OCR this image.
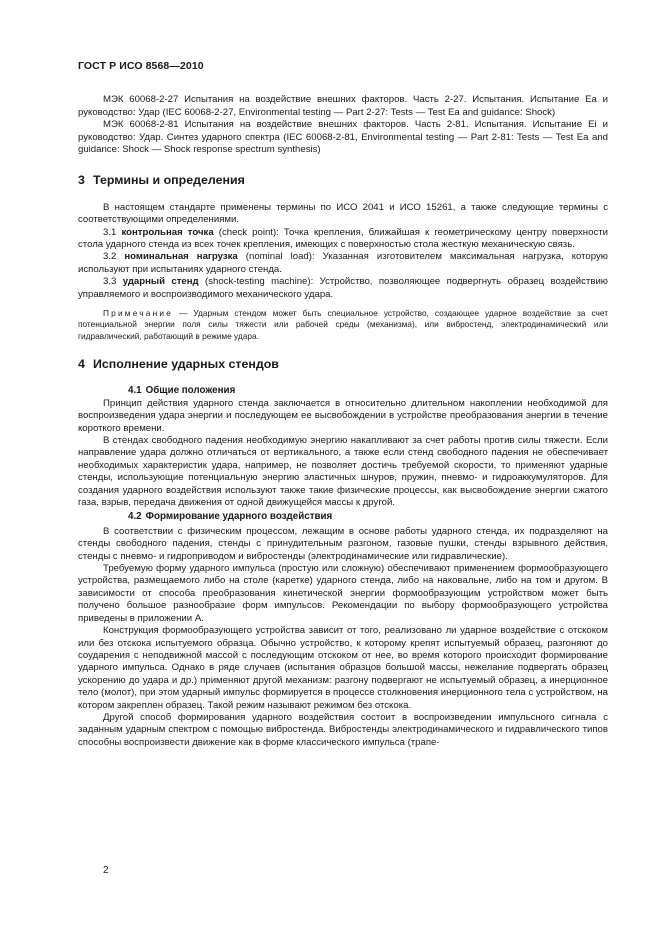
ГОСТ Р ИСО 8568—2010

МЭК 60068-2-27 Испытания на воздействие внешних факторов. Часть 2-27. Испытания. Испытание Ea и руководство: Удар (IEC 60068-2-27, Environmental testing — Part 2-27: Tests — Test Ea and guidance: Shock)

МЭК 60068-2-81 Испытания на воздействие внешних факторов. Часть 2-81. Испытания. Испытание Ei и руководство: Удар. Синтез ударного спектра (IEC 60068-2-81, Environmental testing — Part 2-81: Tests — Test Ea and guidance: Shock — Shock response spectrum synthesis)

3 Термины и определения

В настоящем стандарте применены термины по ИСО 2041 и ИСО 15261, а также следующие термины с соответствующими определениями.

3.1 контрольная точка (check point): Точка крепления, ближайшая к геометрическому центру поверхности стола ударного стенда из всех точек крепления, имеющих с поверхностью стола жесткую механическую связь.

3.2 номинальная нагрузка (nominal load): Указанная изготовителем максимальная нагрузка, которую используют при испытаниях ударного стенда.

3.3 ударный стенд (shock-testing machine): Устройство, позволяющее подвергнуть образец воздействию управляемого и воспроизводимого механического удара.

Примечание — Ударным стендом может быть специальное устройство, создающее ударное воздействие за счет потенциальной энергии поля силы тяжести или рабочей среды (механизма), или вибростенд, электродинамический или гидравлический, работающий в режиме удара.

4 Исполнение ударных стендов

4.1 Общие положения

Принцип действия ударного стенда заключается в относительно длительном накоплении необходимой для воспроизведения удара энергии и последующем ее высвобождении в устройстве преобразования энергии в течение короткого времени.

В стендах свободного падения необходимую энергию накапливают за счет работы против силы тяжести. Если направление удара должно отличаться от вертикального, а также если стенд свободного падения не обеспечивает необходимых характеристик удара, например, не позволяет достичь требуемой скорости, то применяют ударные стенды, использующие потенциальную энергию эластичных шнуров, пружин, пневмо- и гидроаккумуляторов. Для создания ударного воздействия используют также такие физические процессы, как высвобождение энергии сжатого газа, взрыв, передача движения от одной движущейся массы к другой.

4.2 Формирование ударного воздействия

В соответствии с физическим процессом, лежащим в основе работы ударного стенда, их подразделяют на стенды свободного падения, стенды с принудительным разгоном, газовые пушки, стенды взрывного действия, стенды с пневмо- и гидроприводом и вибростенды (электродинамические или гидравлические).

Требуемую форму ударного импульса (простую или сложную) обеспечивают применением формообразующего устройства, размещаемого либо на столе (каретке) ударного стенда, либо на наковальне, либо на том и другом. В зависимости от способа преобразования кинетической энергии формообразующим устройством может быть получено большое разнообразие форм импульсов. Рекомендации по выбору формообразующего устройства приведены в приложении А.

Конструкция формообразующего устройства зависит от того, реализовано ли ударное воздействие с отскоком или без отскока испытуемого образца. Обычно устройство, к которому крепят испытуемый образец, разгоняют до соударения с неподвижной массой с последующим отскоком от нее, во время которого происходит формирование ударного импульса. Однако в ряде случаев (испытания образцов большой массы, нежелание подвергать образец ускорению до удара и др.) применяют другой механизм: разгону подвергают не испытуемый образец, а инерционное тело (молот), при этом ударный импульс формируется в процессе столкновения инерционного тела с устройством, на котором закреплен образец. Такой режим называют режимом без отскока.

Другой способ формирования ударного воздействия состоит в воспроизведении импульсного сигнала с заданным ударным спектром с помощью вибростенда. Вибростенды электродинамического и гидравлического типов способны воспроизвести движение как в форме классического импульса (трапе-

2
